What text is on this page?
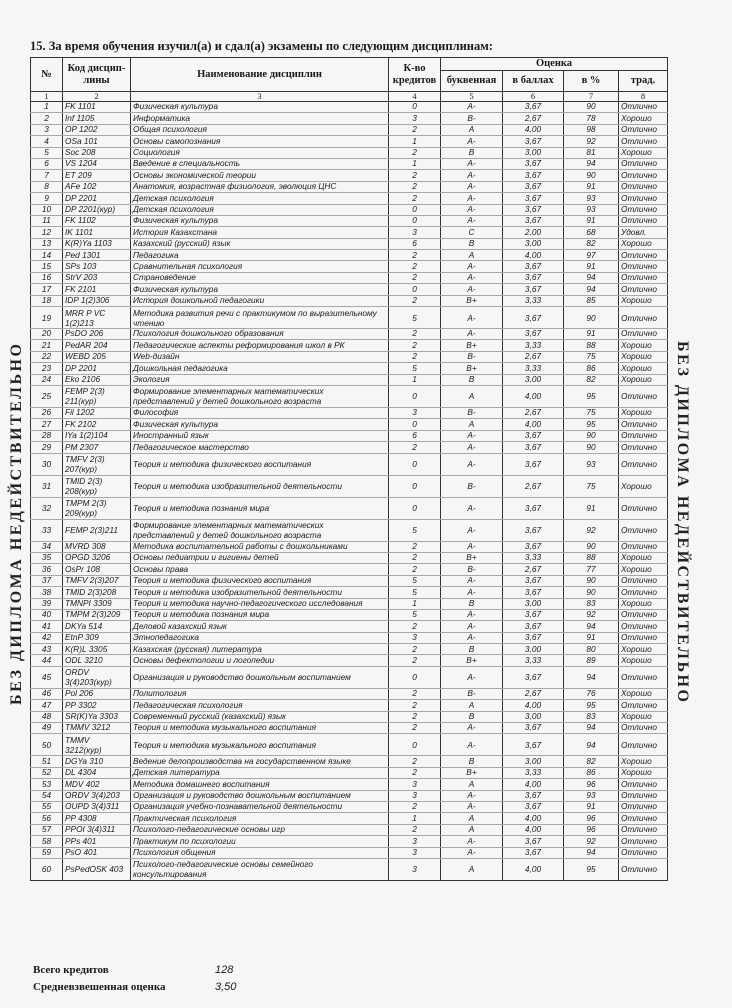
15. За время обучения изучил(а) и сдал(а) экзамены по следующим дисциплинам:
БЕЗ ДИПЛОМА НЕДЕЙСТВИТЕЛЬНО	БЕЗ ДИПЛОМА НЕДЕЙСТВИТЕЛЬНО
№	Код дисцип-лины	Наименование дисциплин	К-во кредитов	Оценка			
				буквенная	в баллах	в %	трад.
1	2	3	4	5	6	7	8
1	FK 1101	Физическая культура	0	A-	3,67	90	Отлично
2	Inf 1105	Информатика	3	B-	2,67	78	Хорошо
3	OP 1202	Общая психология	2	A	4,00	98	Отлично
4	OSa 101	Основы самопознания	1	A-	3,67	92	Отлично
5	Soc 208	Социология	2	B	3,00	81	Хорошо
6	VS 1204	Введение в специальность	1	A-	3,67	94	Отлично
7	ET 209	Основы экономической теории	2	A-	3,67	90	Отлично
8	AFe 102	Анатомия, возрастная физиология, эволюция ЦНС	2	A-	3,67	91	Отлично
9	DP 2201	Детская психология	2	A-	3,67	93	Отлично
10	DP 2201(кур)	Детская психология	0	A-	3,67	93	Отлично
11	FK 1102	Физическая культура	0	A-	3,67	91	Отлично
12	IK 1101	История Казахстана	3	C	2,00	68	Удовл.
13	K(R)Ya 1103	Казахский (русский) язык	6	B	3,00	82	Хорошо
14	Ped 1301	Педагогика	2	A	4,00	97	Отлично
15	SPs 103	Сравнительная психология	2	A-	3,67	91	Отлично
16	StrV 203	Страноведение	2	A-	3,67	94	Отлично
17	FK 2101	Физическая культура	0	A-	3,67	94	Отлично
18	IDP 1(2)306	История дошкольной педагогики	2	B+	3,33	85	Хорошо
19	MRR P VC 1(2)213	Методика развития речи с практикумом по выразительному чтению	5	A-	3,67	90	Отлично
20	PsDO 206	Психология дошкольного образования	2	A-	3,67	91	Отлично
21	PedAR 204	Педагогические аспекты реформирования школ в РК	2	B+	3,33	88	Хорошо
22	WEBD 205	Web-дизайн	2	B-	2,67	75	Хорошо
23	DP 2201	Дошкольная педагогика	5	B+	3,33	86	Хорошо
24	Eko 2106	Экология	1	B	3,00	82	Хорошо
25	FEMP 2(3) 211(кур)	Формирование элементарных математических представлений у детей дошкольного возраста	0	A	4,00	95	Отлично
26	Fil 1202	Философия	3	B-	2,67	75	Хорошо
27	FK 2102	Физическая культура	0	A	4,00	95	Отлично
28	IYa 1(2)104	Иностранный язык	6	A-	3,67	90	Отлично
29	PM 2307	Педагогическое мастерство	2	A-	3,67	90	Отлично
30	TMFV 2(3) 207(кур)	Теория и методика физического воспитания	0	A-	3,67	93	Отлично
31	TMID 2(3) 208(кур)	Теория и методика изобразительной деятельности	0	B-	2,67	75	Хорошо
32	TMPM 2(3) 209(кур)	Теория и методика познания мира	0	A-	3,67	91	Отлично
33	FEMP 2(3)211	Формирование элементарных математических представлений у детей дошкольного возраста	5	A-	3,67	92	Отлично
34	MVRD 308	Методика воспитательной работы с дошкольниками	2	A-	3,67	90	Отлично
35	OPGD 3206	Основы педиатрии и гигиены детей	2	B+	3,33	88	Хорошо
36	OsPr 108	Основы права	2	B-	2,67	77	Хорошо
37	TMFV 2(3)207	Теория и методика физического воспитания	5	A-	3,67	90	Отлично
38	TMID 2(3)208	Теория и методика изобразительной деятельности	5	A-	3,67	90	Отлично
39	TMNPI 3309	Теория и методика научно-педагогического исследования	1	B	3,00	83	Хорошо
40	TMPM 2(3)209	Теория и методика познания мира	5	A-	3,67	92	Отлично
41	DKYa 514	Деловой казахский язык	2	A-	3,67	94	Отлично
42	EtnP 309	Этнопедагогика	3	A-	3,67	91	Отлично
43	K(R)L 3305	Казахская (русская) литература	2	B	3,00	80	Хорошо
44	ODL 3210	Основы дефектологии и логопедии	2	B+	3,33	89	Хорошо
45	ORDV 3(4)203(кур)	Организация и руководство дошкольным воспитанием	0	A-	3,67	94	Отлично
46	Pol 206	Политология	2	B-	2,67	76	Хорошо
47	PP 3302	Педагогическая психология	2	A	4,00	95	Отлично
48	SR(K)Ya 3303	Современный русский (казахский) язык	2	B	3,00	83	Хорошо
49	TMMV 3212	Теория и методика музыкального воспитания	2	A-	3,67	94	Отлично
50	TMMV 3212(кур)	Теория и методика музыкального воспитания	0	A-	3,67	94	Отлично
51	DGYa 310	Ведение делопроизводства на государственном языке	2	B	3,00	82	Хорошо
52	DL 4304	Детская литература	2	B+	3,33	86	Хорошо
53	MDV 402	Методика домашнего воспитания	3	A	4,00	96	Отлично
54	ORDV 3(4)203	Организация и руководство дошкольным воспитанием	3	A-	3,67	93	Отлично
55	OUPD 3(4)311	Организация учебно-познавательной деятельности	2	A-	3,67	91	Отлично
56	PP 4308	Практическая психология	1	A	4,00	96	Отлично
57	PPOI 3(4)311	Психолого-педагогические основы игр	2	A	4,00	96	Отлично
58	PPs 401	Практикум по психологии	3	A-	3,67	92	Отлично
59	PsO 401	Психология общения	3	A-	3,67	94	Отлично
60	PsPedOSK 403	Психолого-педагогические основы семейного консультирования	3	A	4,00	95	Отлично
Всего кредитов	128
Средневзвешенная оценка	3,50
